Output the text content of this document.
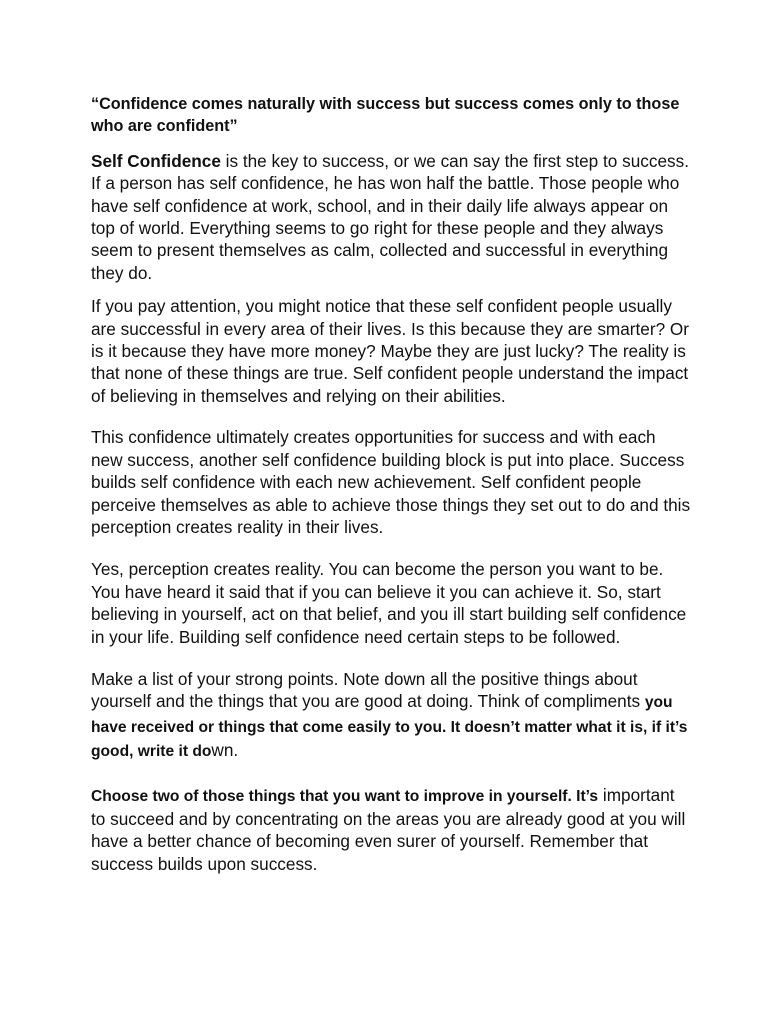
“Confidence comes naturally with success but success comes only to those who are confident”

Self Confidence is the key to success, or we can say the first step to success. If a person has self confidence, he has won half the battle. Those people who have self confidence at work, school, and in their daily life always appear on top of world. Everything seems to go right for these people and they always seem to present themselves as calm, collected and successful in everything they do.

If you pay attention, you might notice that these self confident people usually are successful in every area of their lives. Is this because they are smarter? Or is it because they have more money? Maybe they are just lucky? The reality is that none of these things are true. Self confident people understand the impact of believing in themselves and relying on their abilities.

This confidence ultimately creates opportunities for success and with each new success, another self confidence building block is put into place. Success builds self confidence with each new achievement. Self confident people perceive themselves as able to achieve those things they set out to do and this perception creates reality in their lives.

Yes, perception creates reality. You can become the person you want to be. You have heard it said that if you can believe it you can achieve it. So, start believing in yourself, act on that belief, and you ill start building self confidence in your life. Building self confidence need certain steps to be followed.

Make a list of your strong points. Note down all the positive things about yourself and the things that you are good at doing. Think of compliments you have received or things that come easily to you. It doesn’t matter what it is, if it’s good, write it down.

Choose two of those things that you want to improve in yourself. It’s important to succeed and by concentrating on the areas you are already good at you will have a better chance of becoming even surer of yourself. Remember that success builds upon success.
